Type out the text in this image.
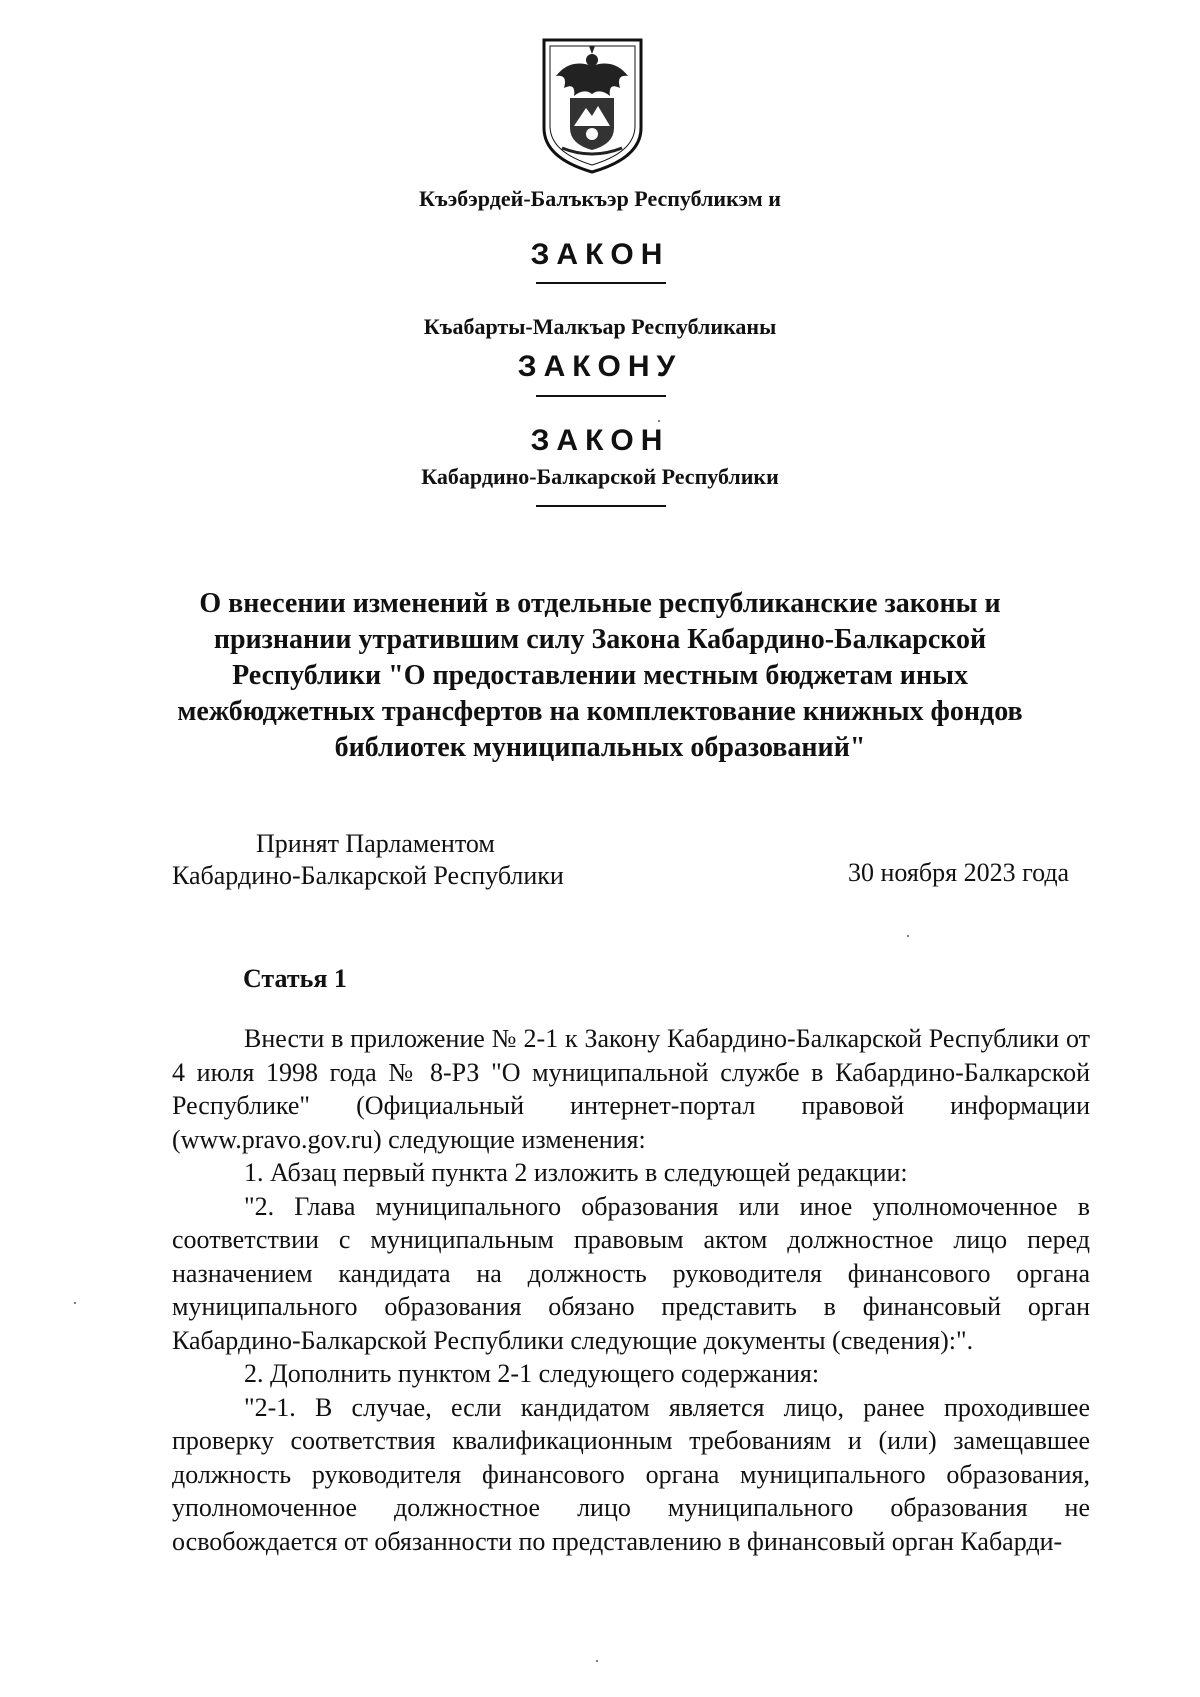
Къэбэрдей-Балъкъэр Республикэм и
ЗАКОН
Къабарты-Малкъар Республиканы
ЗАКОНУ
ЗАКОН
Кабардино-Балкарской Республики
О внесении изменений в отдельные республиканские законы и признании утратившим силу Закона Кабардино-Балкарской Республики "О предоставлении местным бюджетам иных межбюджетных трансфертов на комплектование книжных фондов библиотек муниципальных образований"
Принят Парламентом
Кабардино-Балкарской Республики	30 ноября 2023 года
Статья 1

Внести в приложение № 2-1 к Закону Кабардино-Балкарской Республики от 4 июля 1998 года № 8-РЗ "О муниципальной службе в Кабардино-Балкарской Республике" (Официальный интернет-портал правовой информации (www.pravo.gov.ru) следующие изменения:

1. Абзац первый пункта 2 изложить в следующей редакции:

"2. Глава муниципального образования или иное уполномоченное в соответствии с муниципальным правовым актом должностное лицо перед назначением кандидата на должность руководителя финансового органа муниципального образования обязано представить в финансовый орган Кабардино-Балкарской Республики следующие документы (сведения):".

2. Дополнить пунктом 2-1 следующего содержания:

"2-1. В случае, если кандидатом является лицо, ранее проходившее проверку соответствия квалификационным требованиям и (или) замещавшее должность руководителя финансового органа муниципального образования, уполномоченное должностное лицо муниципального образования не освобождается от обязанности по представлению в финансовый орган Кабарди-
